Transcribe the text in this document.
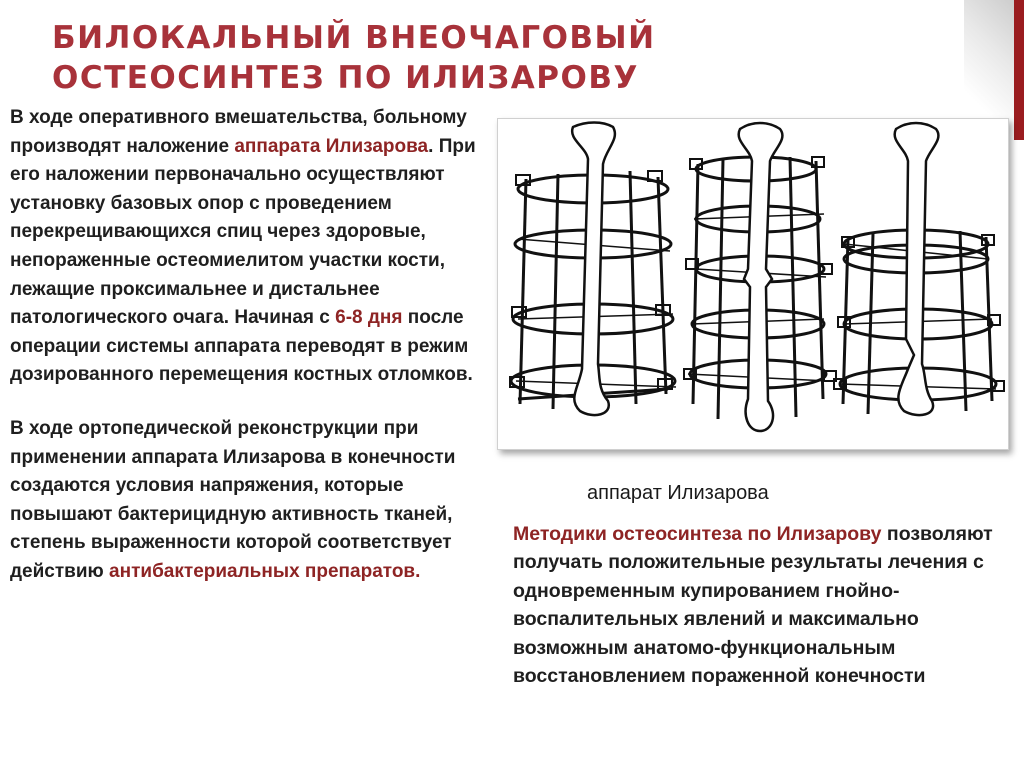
БИЛОКАЛЬНЫЙ ВНЕОЧАГОВЫЙ
ОСТЕОСИНТЕЗ ПО ИЛИЗАРОВУ

В ходе оперативного вмешательства, больному производят наложение аппарата Илизарова. При его наложении первоначально осуществляют установку базовых опор с проведением перекрещивающихся спиц через здоровые, непораженные остеомиелитом участки кости, лежащие проксимальнее и дистальнее патологического очага. Начиная с 6-8 дня после операции системы аппарата переводят в режим дозированного перемещения костных отломков.

В ходе ортопедической реконструкции при применении аппарата Илизарова в конечности создаются условия напряжения, которые повышают бактерицидную активность тканей, степень выраженности которой соответствует действию антибактериальных препаратов.

аппарат Илизарова
Методики остеосинтеза по Илизарову позволяют получать положительные результаты лечения с одновременным купированием гнойно-воспалительных явлений и максимально возможным анатомо-функциональным восстановлением пораженной конечности
